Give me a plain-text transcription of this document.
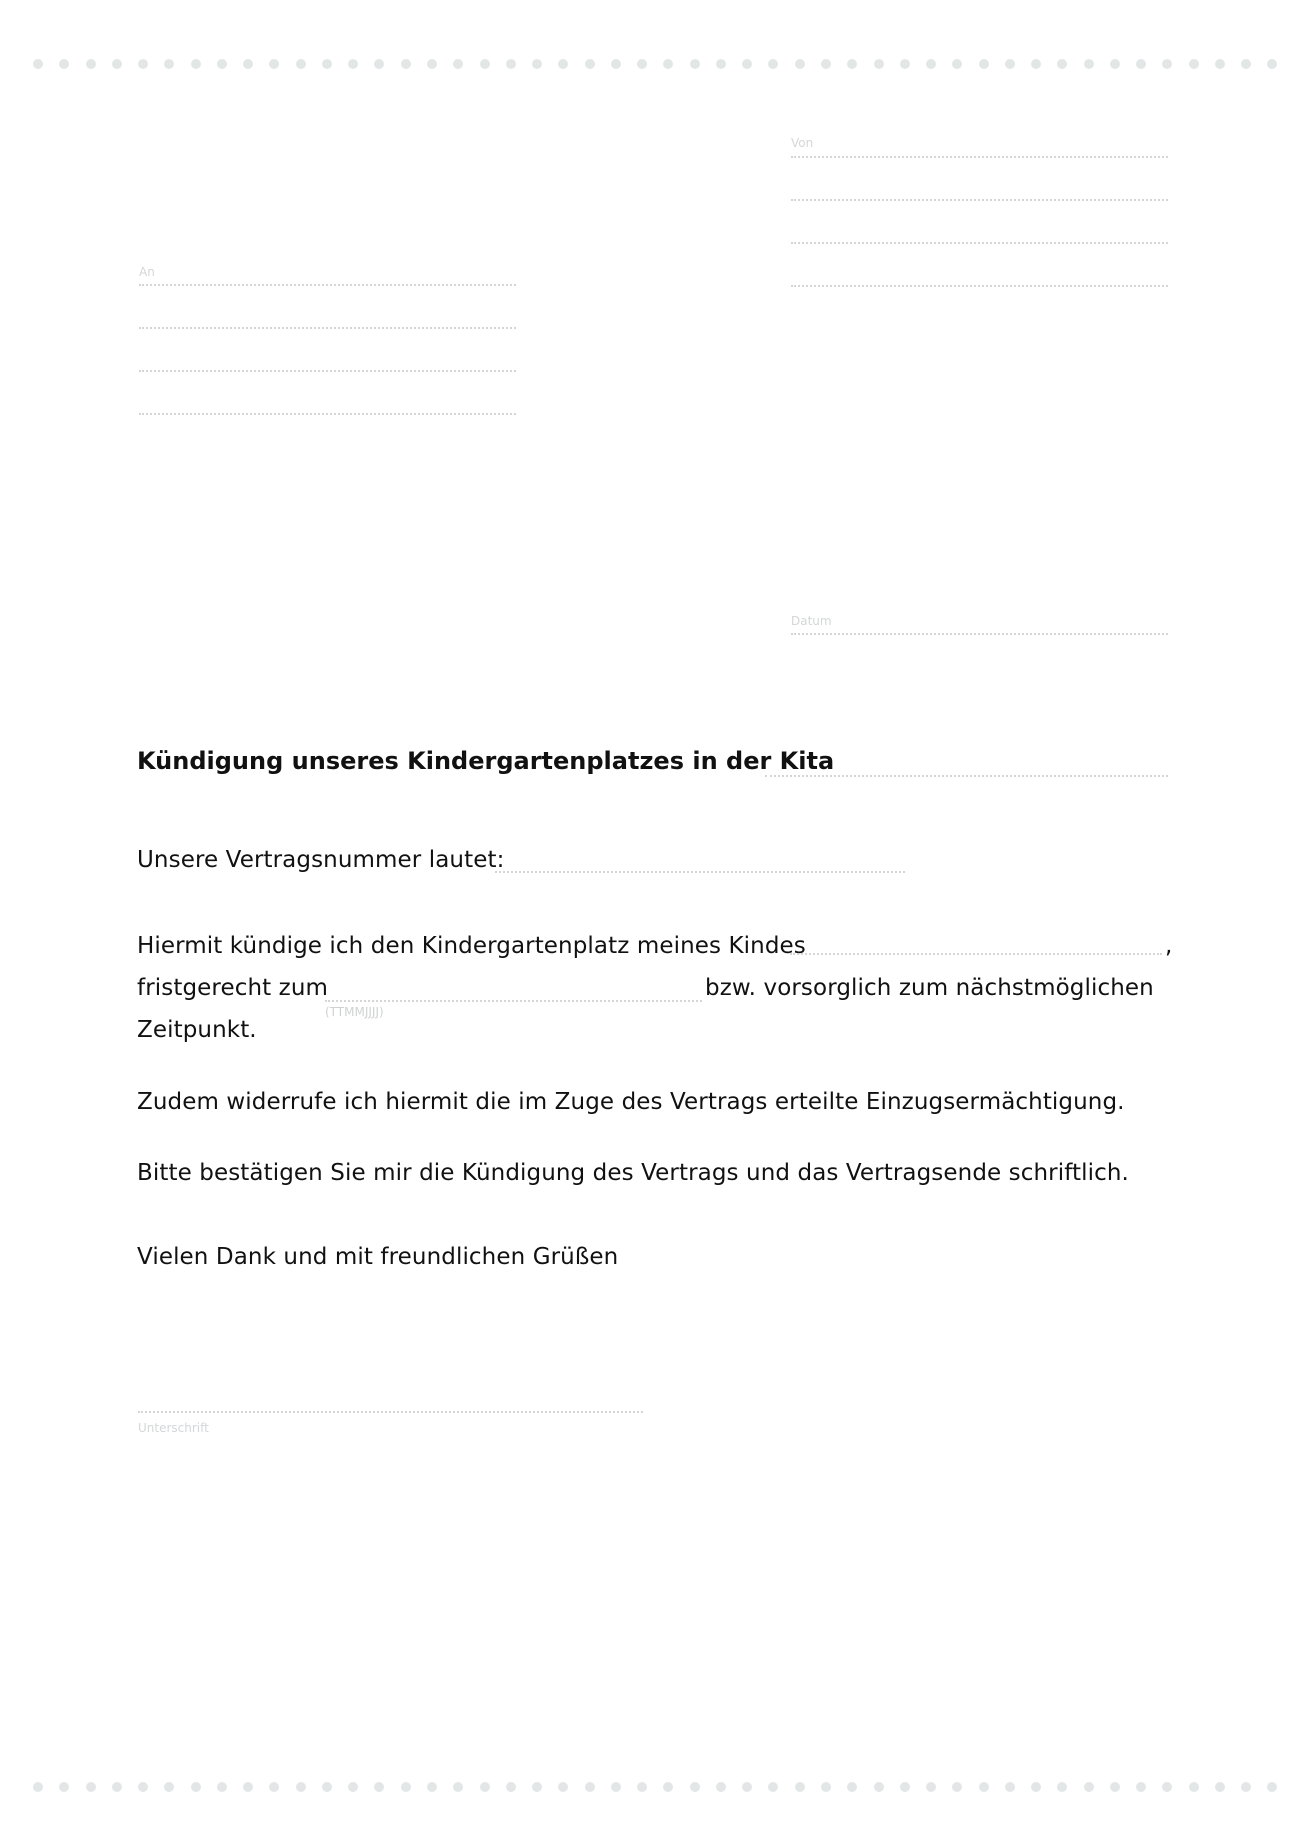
Von
An
Datum
Kündigung unseres Kindergartenplatzes in der Kita
Unsere Vertragsnummer lautet:
Hiermit kündige ich den Kindergartenplatz meines Kindes	,
fristgerecht zum
(TTMMJJJJ)
bzw. vorsorglich zum nächstmöglichen
Zeitpunkt.
Zudem widerrufe ich hiermit die im Zuge des Vertrags erteilte Einzugsermächtigung.
Bitte bestätigen Sie mir die Kündigung des Vertrags und das Vertragsende schriftlich.
Vielen Dank und mit freundlichen Grüßen
Unterschrift
